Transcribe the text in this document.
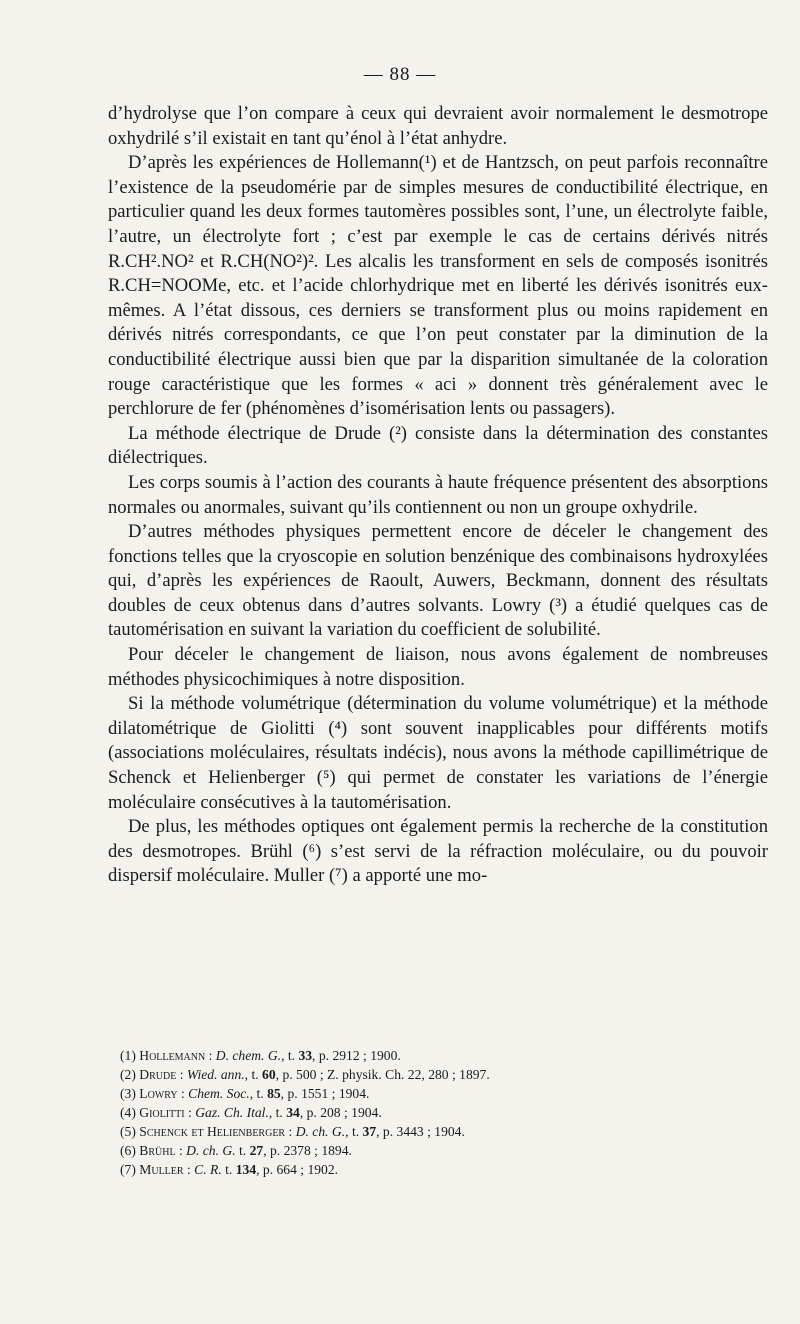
— 88 —

d’hydrolyse que l’on compare à ceux qui devraient avoir normalement le desmotrope oxhydrilé s’il existait en tant qu’énol à l’état anhydre.

D’après les expériences de Hollemann(¹) et de Hantzsch, on peut parfois reconnaître l’existence de la pseudomérie par de simples mesures de conductibilité électrique, en particulier quand les deux formes tautomères possibles sont, l’une, un électrolyte faible, l’autre, un électrolyte fort ; c’est par exemple le cas de certains dérivés nitrés R.CH².NO² et R.CH(NO²)². Les alcalis les transforment en sels de composés isonitrés R.CH=NOOMe, etc. et l’acide chlorhydrique met en liberté les dérivés isonitrés eux-mêmes. A l’état dissous, ces derniers se transforment plus ou moins rapidement en dérivés nitrés correspondants, ce que l’on peut constater par la diminution de la conductibilité électrique aussi bien que par la disparition simultanée de la coloration rouge caractéristique que les formes « aci » donnent très généralement avec le perchlorure de fer (phénomènes d’isomérisation lents ou passagers).

La méthode électrique de Drude (²) consiste dans la détermination des constantes diélectriques.

Les corps soumis à l’action des courants à haute fréquence présentent des absorptions normales ou anormales, suivant qu’ils contiennent ou non un groupe oxhydrile.

D’autres méthodes physiques permettent encore de déceler le changement des fonctions telles que la cryoscopie en solution benzénique des combinaisons hydroxylées qui, d’après les expériences de Raoult, Auwers, Beckmann, donnent des résultats doubles de ceux obtenus dans d’autres solvants. Lowry (³) a étudié quelques cas de tautomérisation en suivant la variation du coefficient de solubilité.

Pour déceler le changement de liaison, nous avons également de nombreuses méthodes physicochimiques à notre disposition.

Si la méthode volumétrique (détermination du volume volumétrique) et la méthode dilatométrique de Giolitti (⁴) sont souvent inapplicables pour différents motifs (associations moléculaires, résultats indécis), nous avons la méthode capillimétrique de Schenck et Helienberger (⁵) qui permet de constater les variations de l’énergie moléculaire consécutives à la tautomérisation.

De plus, les méthodes optiques ont également permis la recherche de la constitution des desmotropes. Brühl (⁶) s’est servi de la réfraction moléculaire, ou du pouvoir dispersif moléculaire. Muller (⁷) a apporté une mo-

(1) Hollemann : D. chem. G., t. 33, p. 2912 ; 1900.
(2) Drude : Wied. ann., t. 60, p. 500 ; Z. physik. Ch. 22, 280 ; 1897.
(3) Lowry : Chem. Soc., t. 85, p. 1551 ; 1904.
(4) Giolitti : Gaz. Ch. Ital., t. 34, p. 208 ; 1904.
(5) Schenck et Helienberger : D. ch. G., t. 37, p. 3443 ; 1904.
(6) Brühl : D. ch. G. t. 27, p. 2378 ; 1894.
(7) Muller : C. R. t. 134, p. 664 ; 1902.
